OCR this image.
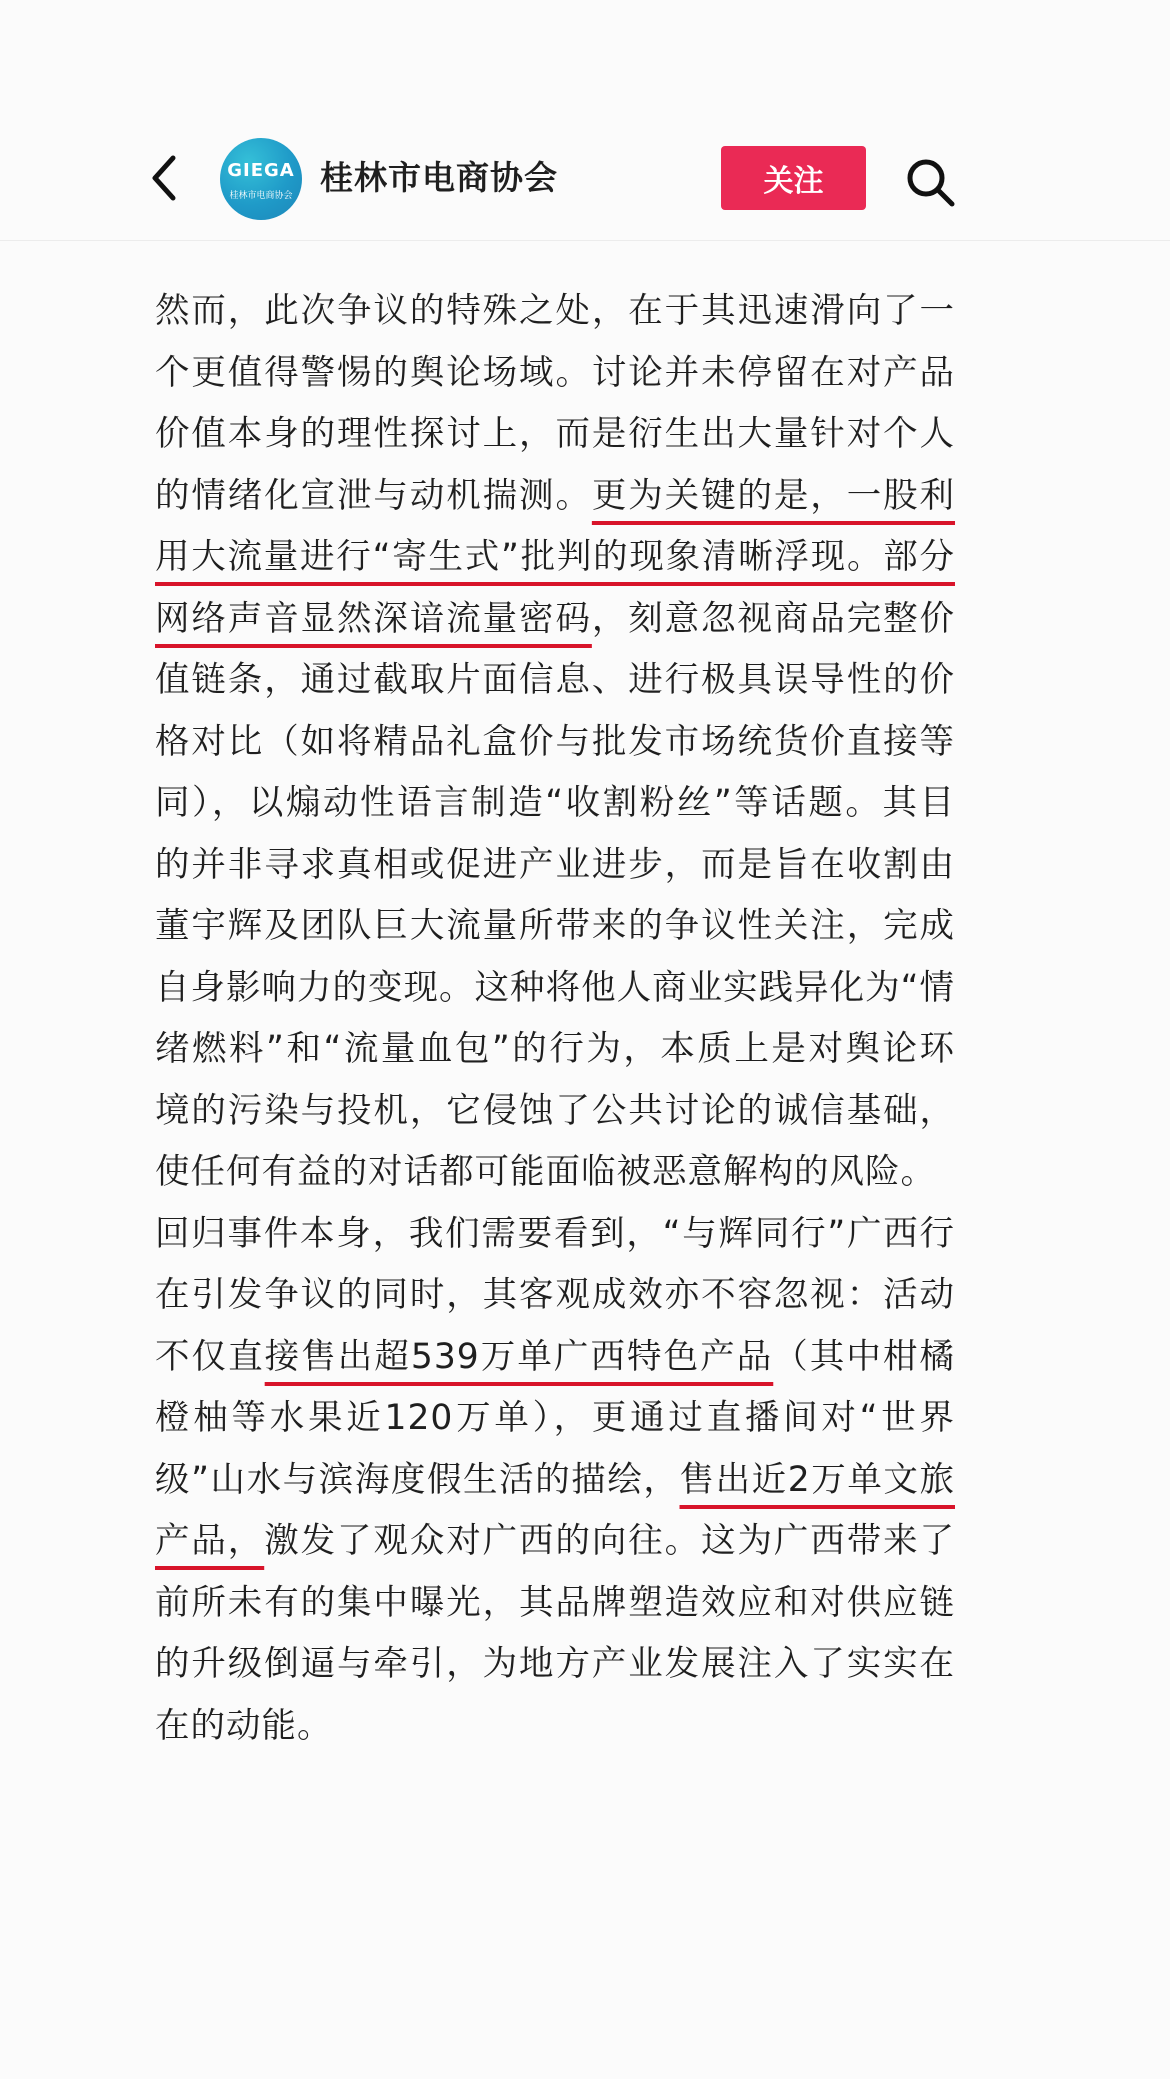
GIEGA
桂林市电商协会 桂林市电商协会	关注

然而，此次争议的特殊之处，在于其迅速滑向了一个更值得警惕的舆论场域。讨论并未停留在对产品价值本身的理性探讨上，而是衍生出大量针对个人的情绪化宣泄与动机揣测。更为关键的是，一股利用大流量进行“寄生式”批判的现象清晰浮现。部分网络声音显然深谙流量密码，刻意忽视商品完整价值链条，通过截取片面信息、进行极具误导性的价格对比（如将精品礼盒价与批发市场统货价直接等同），以煽动性语言制造“收割粉丝”等话题。其目的并非寻求真相或促进产业进步，而是旨在收割由董宇辉及团队巨大流量所带来的争议性关注，完成自身影响力的变现。这种将他人商业实践异化为“情绪燃料”和“流量血包”的行为，本质上是对舆论环境的污染与投机，它侵蚀了公共讨论的诚信基础，使任何有益的对话都可能面临被恶意解构的风险。

回归事件本身，我们需要看到，“与辉同行”广西行在引发争议的同时，其客观成效亦不容忽视：活动不仅直接售出超539万单广西特色产品（其中柑橘橙柚等水果近120万单），更通过直播间对“世界级”山水与滨海度假生活的描绘，售出近2万单文旅产品，激发了观众对广西的向往。这为广西带来了前所未有的集中曝光，其品牌塑造效应和对供应链的升级倒逼与牵引，为地方产业发展注入了实实在在的动能。
